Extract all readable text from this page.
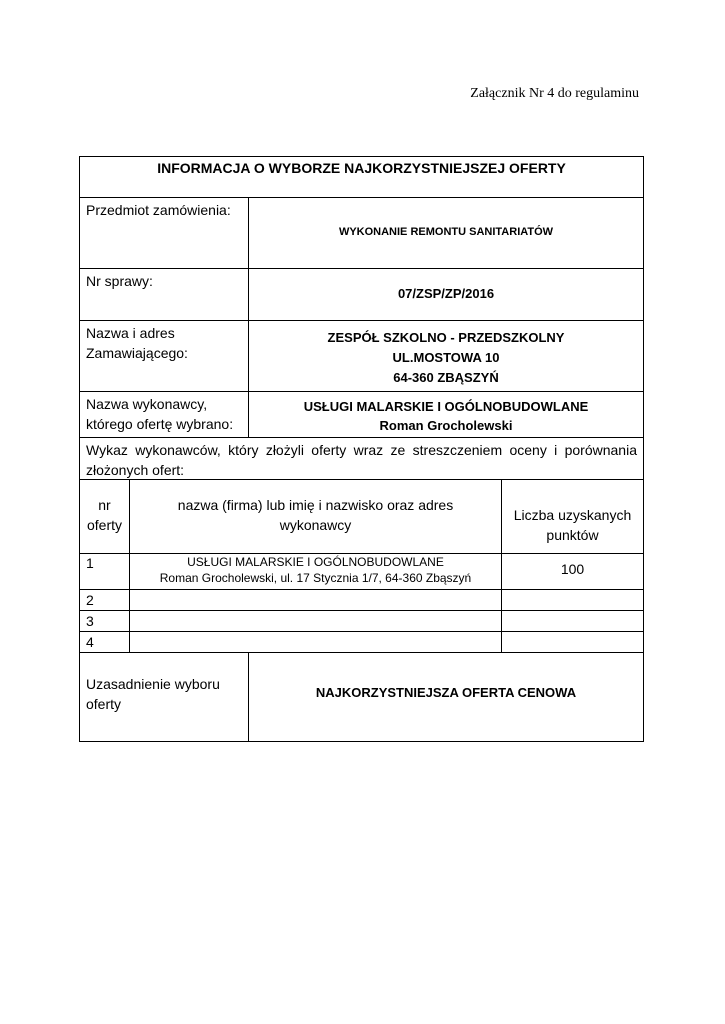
Załącznik Nr 4 do regulaminu
INFORMACJA O WYBORZE NAJKORZYSTNIEJSZEJ OFERTY
Przedmiot zamówienia:
WYKONANIE REMONTU SANITARIATÓW
Nr sprawy:
07/ZSP/ZP/2016
Nazwa i adres
Zamawiającego:
ZESPÓŁ SZKOLNO - PRZEDSZKOLNY
UL.MOSTOWA 10
64-360 ZBĄSZYŃ
Nazwa wykonawcy,
którego ofertę wybrano:
USŁUGI MALARSKIE I OGÓLNOBUDOWLANE
Roman Grocholewski
Wykaz wykonawców, który złożyli oferty wraz ze streszczeniem oceny i porównania złożonych ofert:
nr
oferty
nazwa (firma) lub imię i nazwisko oraz adres wykonawcy
Liczba uzyskanych punktów
1	USŁUGI MALARSKIE I OGÓLNOBUDOWLANE
Roman Grocholewski, ul. 17 Stycznia 1/7, 64-360 Zbąszyń
100
2
3
4
Uzasadnienie wyboru
oferty
NAJKORZYSTNIEJSZA OFERTA CENOWA
